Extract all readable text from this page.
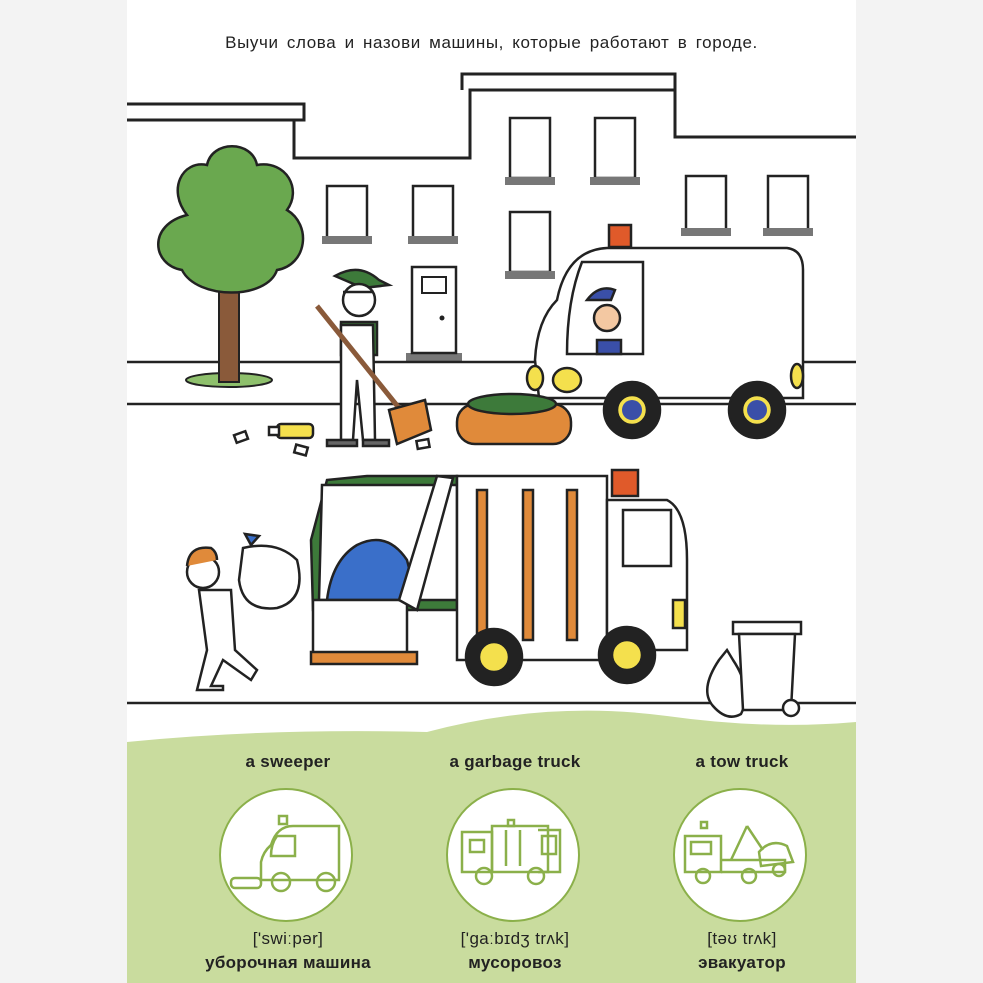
Выучи слова и назови машины, которые работают в городе.
a sweeper
['swiːpər]
уборочная машина
a garbage truck
['gaːbɪdʒ trʌk]
мусоровоз
a tow truck
[təʊ trʌk]
эвакуатор
